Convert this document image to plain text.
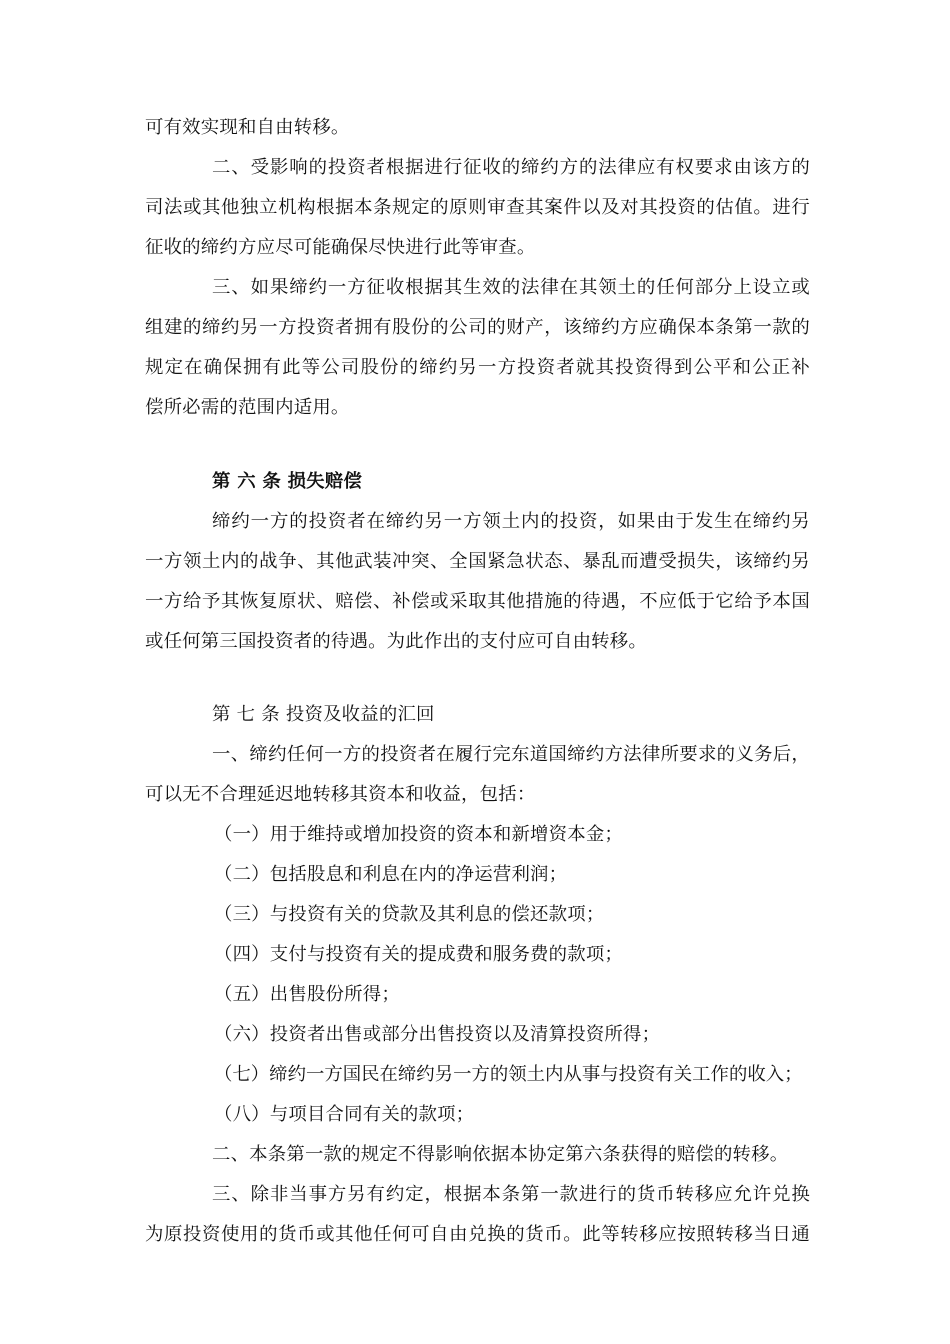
可有效实现和自由转移。
二、受影响的投资者根据进行征收的缔约方的法律应有权要求由该方的
司法或其他独立机构根据本条规定的原则审查其案件以及对其投资的估值。进行
征收的缔约方应尽可能确保尽快进行此等审查。
三、如果缔约一方征收根据其生效的法律在其领土的任何部分上设立或
组建的缔约另一方投资者拥有股份的公司的财产，该缔约方应确保本条第一款的
规定在确保拥有此等公司股份的缔约另一方投资者就其投资得到公平和公正补
偿所必需的范围内适用。
第 六 条 损失赔偿
缔约一方的投资者在缔约另一方领土内的投资，如果由于发生在缔约另
一方领土内的战争、其他武装冲突、全国紧急状态、暴乱而遭受损失，该缔约另
一方给予其恢复原状、赔偿、补偿或采取其他措施的待遇，不应低于它给予本国
或任何第三国投资者的待遇。为此作出的支付应可自由转移。
第 七 条 投资及收益的汇回
一、缔约任何一方的投资者在履行完东道国缔约方法律所要求的义务后，
可以无不合理延迟地转移其资本和收益，包括：
（一）用于维持或增加投资的资本和新增资本金；
（二）包括股息和利息在内的净运营利润；
（三）与投资有关的贷款及其利息的偿还款项；
（四）支付与投资有关的提成费和服务费的款项；
（五）出售股份所得；
（六）投资者出售或部分出售投资以及清算投资所得；
（七）缔约一方国民在缔约另一方的领土内从事与投资有关工作的收入；
（八）与项目合同有关的款项；
二、本条第一款的规定不得影响依据本协定第六条获得的赔偿的转移。
三、除非当事方另有约定，根据本条第一款进行的货币转移应允许兑换
为原投资使用的货币或其他任何可自由兑换的货币。此等转移应按照转移当日通
